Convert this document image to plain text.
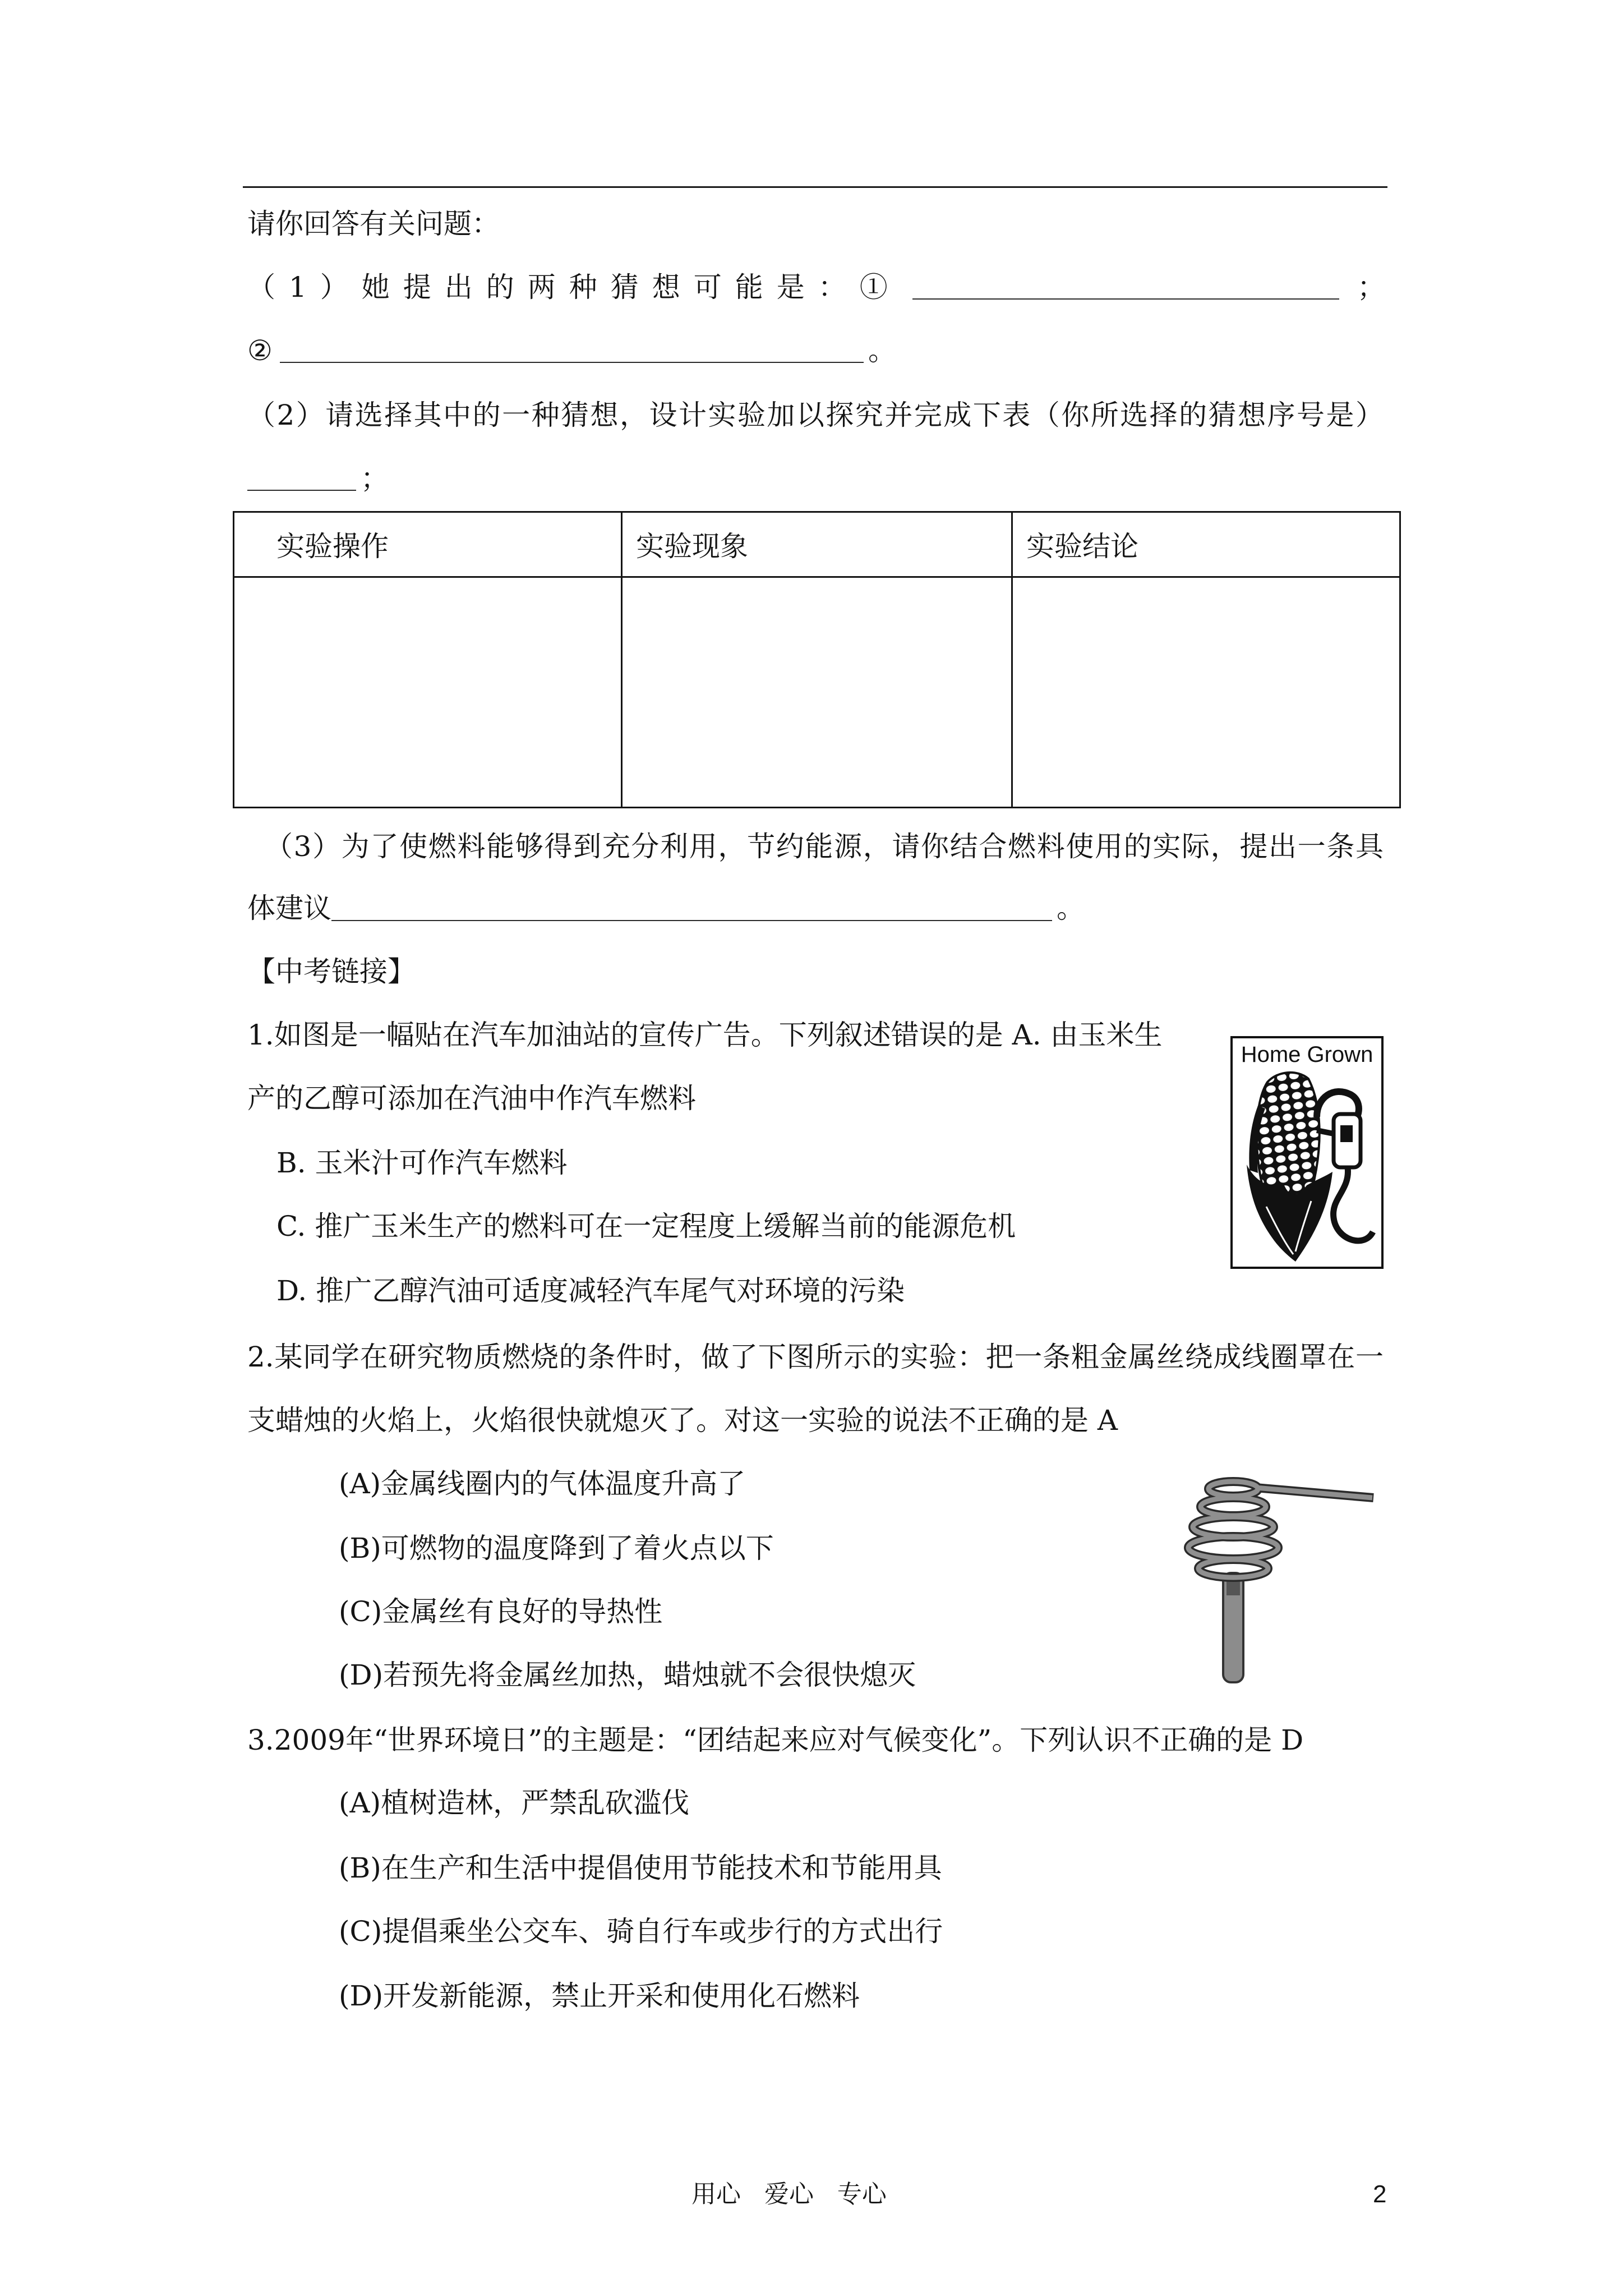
请你回答有关问题：
（1）她提出的两种猜想可能是：①	；
②	。
（2）请选择其中的一种猜想，设计实验加以探究并完成下表（你所选择的猜想序号是）
；
实验操作	实验现象	实验结论

（3）为了使燃料能够得到充分利用，节约能源，请你结合燃料使用的实际，提出一条具
体建议	。
【中考链接】
1.如图是一幅贴在汽车加油站的宣传广告。下列叙述错误的是 A. 由玉米生
产的乙醇可添加在汽油中作汽车燃料
B. 玉米汁可作汽车燃料
C. 推广玉米生产的燃料可在一定程度上缓解当前的能源危机
D. 推广乙醇汽油可适度减轻汽车尾气对环境的污染
Home Grown
2.某同学在研究物质燃烧的条件时，做了下图所示的实验：把一条粗金属丝绕成线圈罩在一
支蜡烛的火焰上，火焰很快就熄灭了。对这一实验的说法不正确的是 A
(A)金属线圈内的气体温度升高了
(B)可燃物的温度降到了着火点以下
(C)金属丝有良好的导热性
(D)若预先将金属丝加热，蜡烛就不会很快熄灭
3.2009年“世界环境日”的主题是：“团结起来应对气候变化”。下列认识不正确的是 D
(A)植树造林，严禁乱砍滥伐
(B)在生产和生活中提倡使用节能技术和节能用具
(C)提倡乘坐公交车、骑自行车或步行的方式出行
(D)开发新能源，禁止开采和使用化石燃料
用心   爱心   专心	2
